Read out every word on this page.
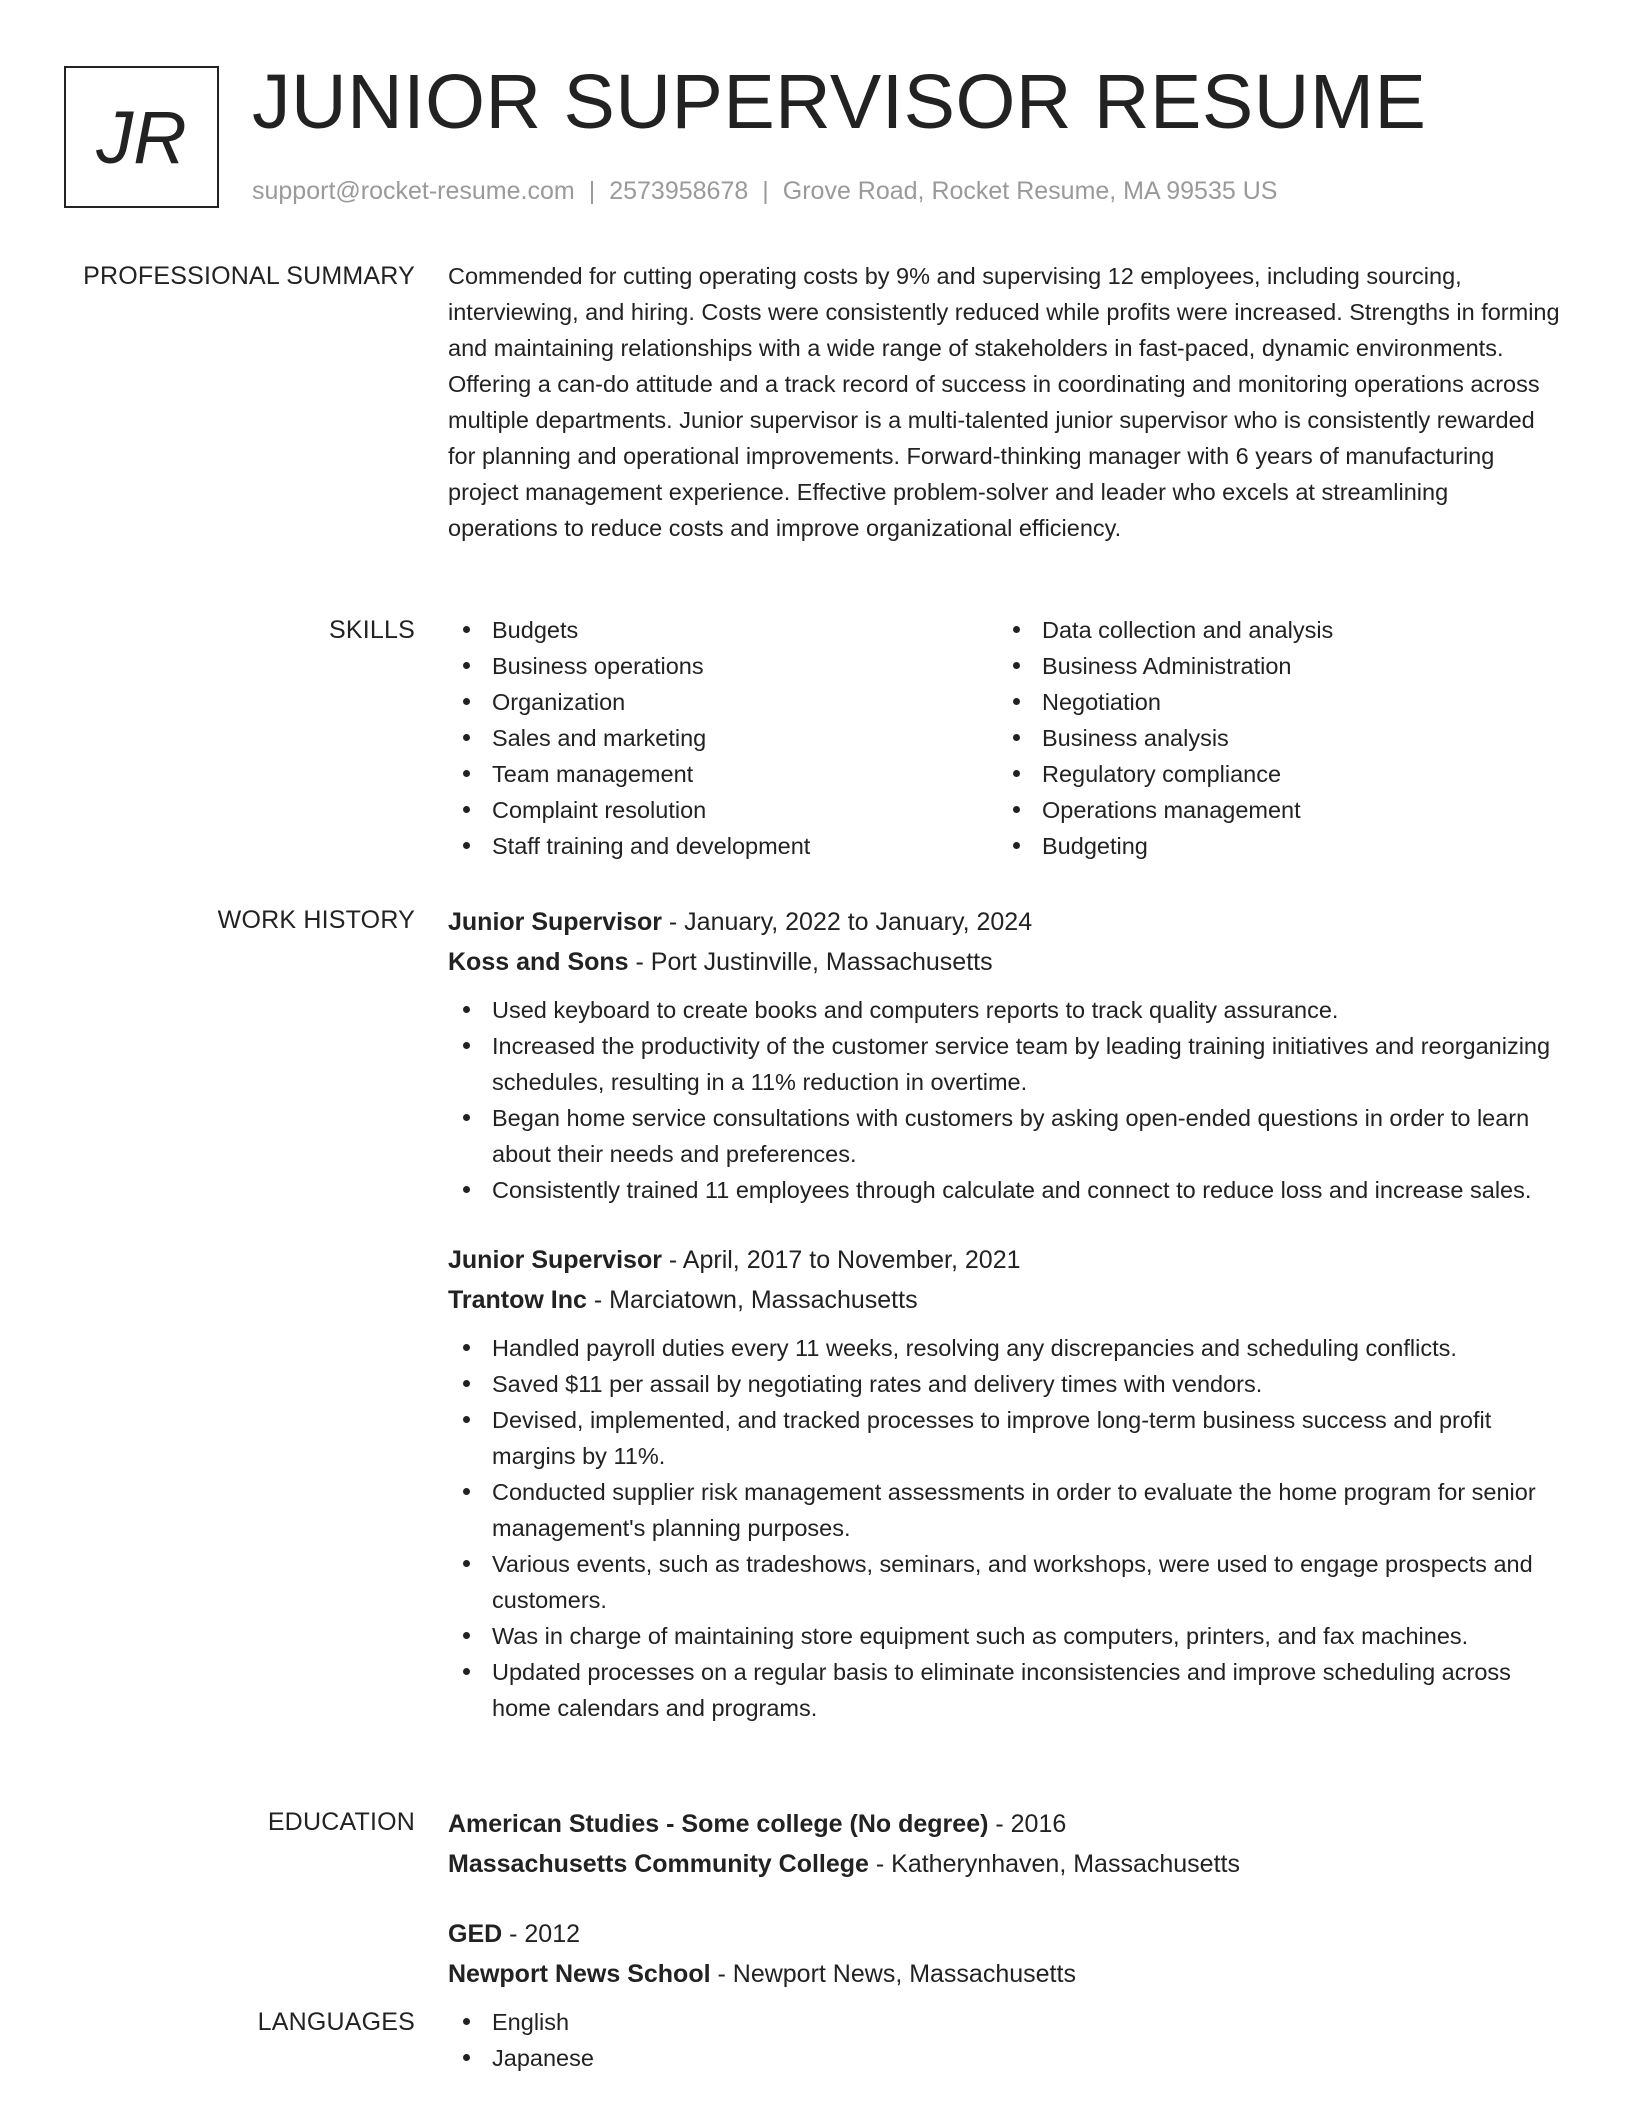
JR JUNIOR SUPERVISOR RESUME
support@rocket-resume.com | 2573958678 | Grove Road, Rocket Resume, MA 99535 US
PROFESSIONAL SUMMARY Commended for cutting operating costs by 9% and supervising 12 employees, including sourcing, interviewing, and hiring. Costs were consistently reduced while profits were increased. Strengths in forming and maintaining relationships with a wide range of stakeholders in fast-paced, dynamic environments. Offering a can-do attitude and a track record of success in coordinating and monitoring operations across multiple departments. Junior supervisor is a multi-talented junior supervisor who is consistently rewarded for planning and operational improvements. Forward-thinking manager with 6 years of manufacturing project management experience. Effective problem-solver and leader who excels at streamlining operations to reduce costs and improve organizational efficiency.

SKILLS	Budgets
Business operations
Organization
Sales and marketing
Team management
Complaint resolution
Staff training and development
Data collection and analysis
Business Administration
Negotiation
Business analysis
Regulatory compliance
Operations management
Budgeting
WORK HISTORY Junior Supervisor - January, 2022 to January, 2024
Koss and Sons - Port Justinville, Massachusetts
Used keyboard to create books and computers reports to track quality assurance.
Increased the productivity of the customer service team by leading training initiatives and reorganizing schedules, resulting in a 11% reduction in overtime.
Began home service consultations with customers by asking open-ended questions in order to learn about their needs and preferences.
Consistently trained 11 employees through calculate and connect to reduce loss and increase sales.
Junior Supervisor - April, 2017 to November, 2021
Trantow Inc - Marciatown, Massachusetts
Handled payroll duties every 11 weeks, resolving any discrepancies and scheduling conflicts.
Saved $11 per assail by negotiating rates and delivery times with vendors.
Devised, implemented, and tracked processes to improve long-term business success and profit margins by 11%.
Conducted supplier risk management assessments in order to evaluate the home program for senior management's planning purposes.
Various events, such as tradeshows, seminars, and workshops, were used to engage prospects and customers.
Was in charge of maintaining store equipment such as computers, printers, and fax machines.
Updated processes on a regular basis to eliminate inconsistencies and improve scheduling across home calendars and programs.
EDUCATION American Studies - Some college (No degree) - 2016
Massachusetts Community College - Katherynhaven, Massachusetts
GED - 2012
Newport News School - Newport News, Massachusetts
LANGUAGES	English
Japanese
